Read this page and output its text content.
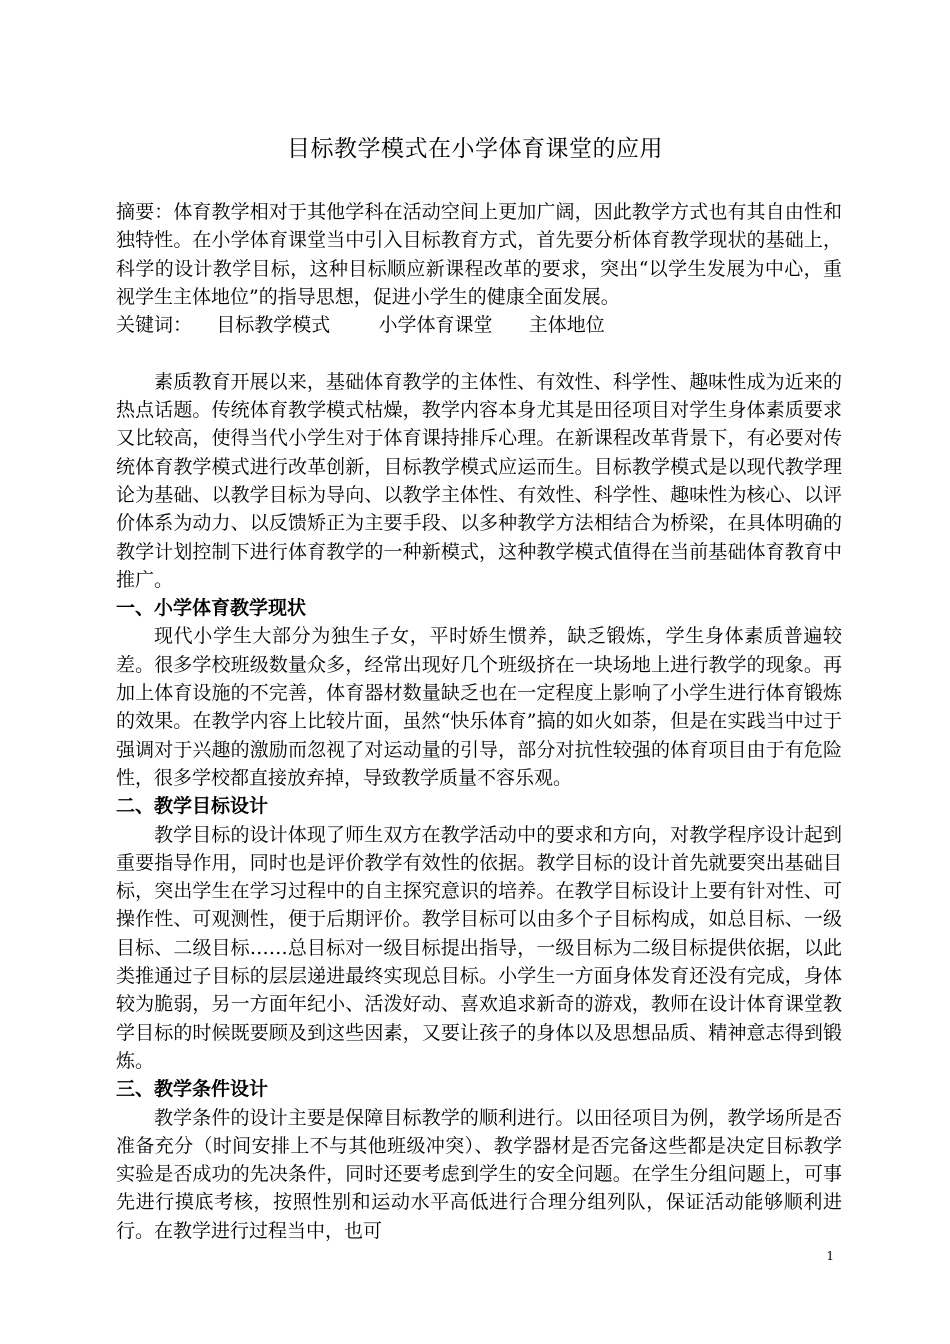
目标教学模式在小学体育课堂的应用

摘要：体育教学相对于其他学科在活动空间上更加广阔，因此教学方式也有其自由性和独特性。在小学体育课堂当中引入目标教育方式，首先要分析体育教学现状的基础上，科学的设计教学目标，这种目标顺应新课程改革的要求，突出“以学生发展为中心，重视学生主体地位”的指导思想，促进小学生的健康全面发展。

关键词： 目标教学模式	小学体育课堂 主体地位

素质教育开展以来，基础体育教学的主体性、有效性、科学性、趣味性成为近来的热点话题。传统体育教学模式枯燥，教学内容本身尤其是田径项目对学生身体素质要求又比较高，使得当代小学生对于体育课持排斥心理。在新课程改革背景下，有必要对传统体育教学模式进行改革创新，目标教学模式应运而生。目标教学模式是以现代教学理论为基础、以教学目标为导向、以教学主体性、有效性、科学性、趣味性为核心、以评价体系为动力、以反馈矫正为主要手段、以多种教学方法相结合为桥梁，在具体明确的教学计划控制下进行体育教学的一种新模式，这种教学模式值得在当前基础体育教育中推广。

一、小学体育教学现状

现代小学生大部分为独生子女，平时娇生惯养，缺乏锻炼，学生身体素质普遍较差。很多学校班级数量众多，经常出现好几个班级挤在一块场地上进行教学的现象。再加上体育设施的不完善，体育器材数量缺乏也在一定程度上影响了小学生进行体育锻炼的效果。在教学内容上比较片面，虽然“快乐体育”搞的如火如荼，但是在实践当中过于强调对于兴趣的激励而忽视了对运动量的引导，部分对抗性较强的体育项目由于有危险性，很多学校都直接放弃掉，导致教学质量不容乐观。

二、教学目标设计

教学目标的设计体现了师生双方在教学活动中的要求和方向，对教学程序设计起到重要指导作用，同时也是评价教学有效性的依据。教学目标的设计首先就要突出基础目标，突出学生在学习过程中的自主探究意识的培养。在教学目标设计上要有针对性、可操作性、可观测性，便于后期评价。教学目标可以由多个子目标构成，如总目标、一级目标、二级目标……总目标对一级目标提出指导，一级目标为二级目标提供依据，以此类推通过子目标的层层递进最终实现总目标。小学生一方面身体发育还没有完成，身体较为脆弱，另一方面年纪小、活泼好动、喜欢追求新奇的游戏，教师在设计体育课堂教学目标的时候既要顾及到这些因素，又要让孩子的身体以及思想品质、精神意志得到锻炼。

三、教学条件设计

教学条件的设计主要是保障目标教学的顺利进行。以田径项目为例，教学场所是否准备充分（时间安排上不与其他班级冲突）、教学器材是否完备这些都是决定目标教学实验是否成功的先决条件，同时还要考虑到学生的安全问题。在学生分组问题上，可事先进行摸底考核，按照性别和运动水平高低进行合理分组列队，保证活动能够顺利进行。在教学进行过程当中，也可

1
